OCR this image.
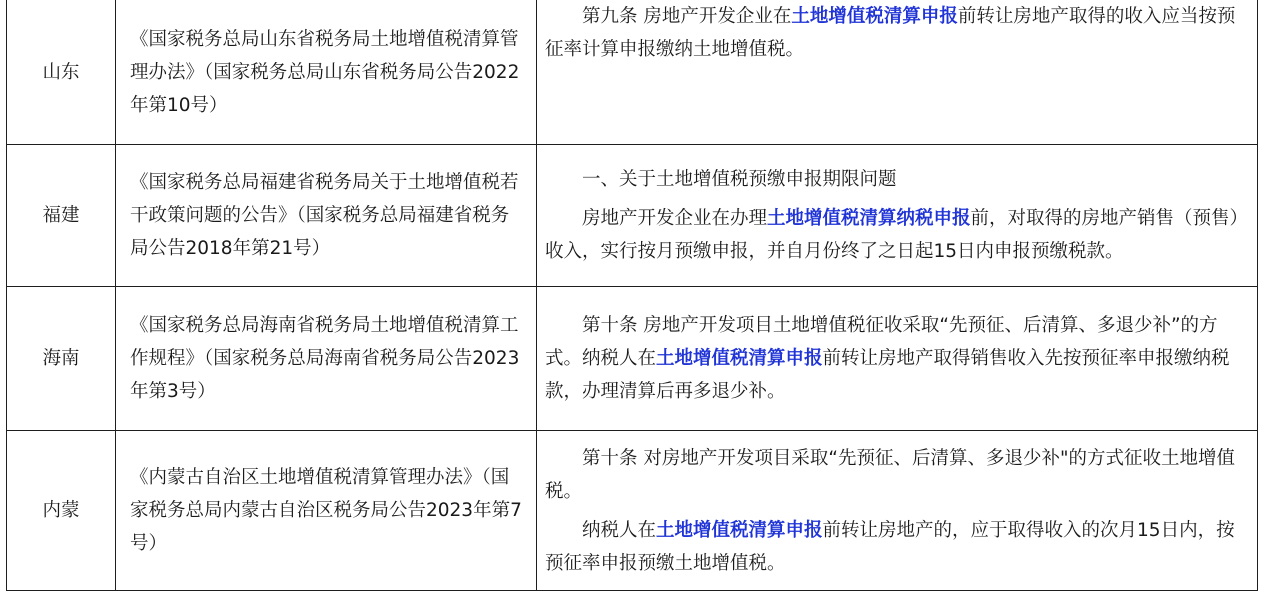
山东	《国家税务总局山东省税务局土地增值税清算管理办法》（国家税务总局山东省税务局公告2022年第10号）	第九条 房地产开发企业在土地增值税清算申报前转让房地产取得的收入应当按预征率计算申报缴纳土地增值税。

福建	《国家税务总局福建省税务局关于土地增值税若干政策问题的公告》（国家税务总局福建省税务局公告2018年第21号）	一、关于土地增值税预缴申报期限问题

房地产开发企业在办理土地增值税清算纳税申报前，对取得的房地产销售（预售）收入，实行按月预缴申报，并自月份终了之日起15日内申报预缴税款。

海南	《国家税务总局海南省税务局土地增值税清算工作规程》（国家税务总局海南省税务局公告2023年第3号）	第十条 房地产开发项目土地增值税征收采取“先预征、后清算、多退少补”的方式。纳税人在土地增值税清算申报前转让房地产取得销售收入先按预征率申报缴纳税款，办理清算后再多退少补。

内蒙	《内蒙古自治区土地增值税清算管理办法》（国家税务总局内蒙古自治区税务局公告2023年第7号）	第十条 对房地产开发项目采取“先预征、后清算、多退少补"的方式征收土地增值税。

纳税人在土地增值税清算申报前转让房地产的，应于取得收入的次月15日内，按预征率申报预缴土地增值税。
